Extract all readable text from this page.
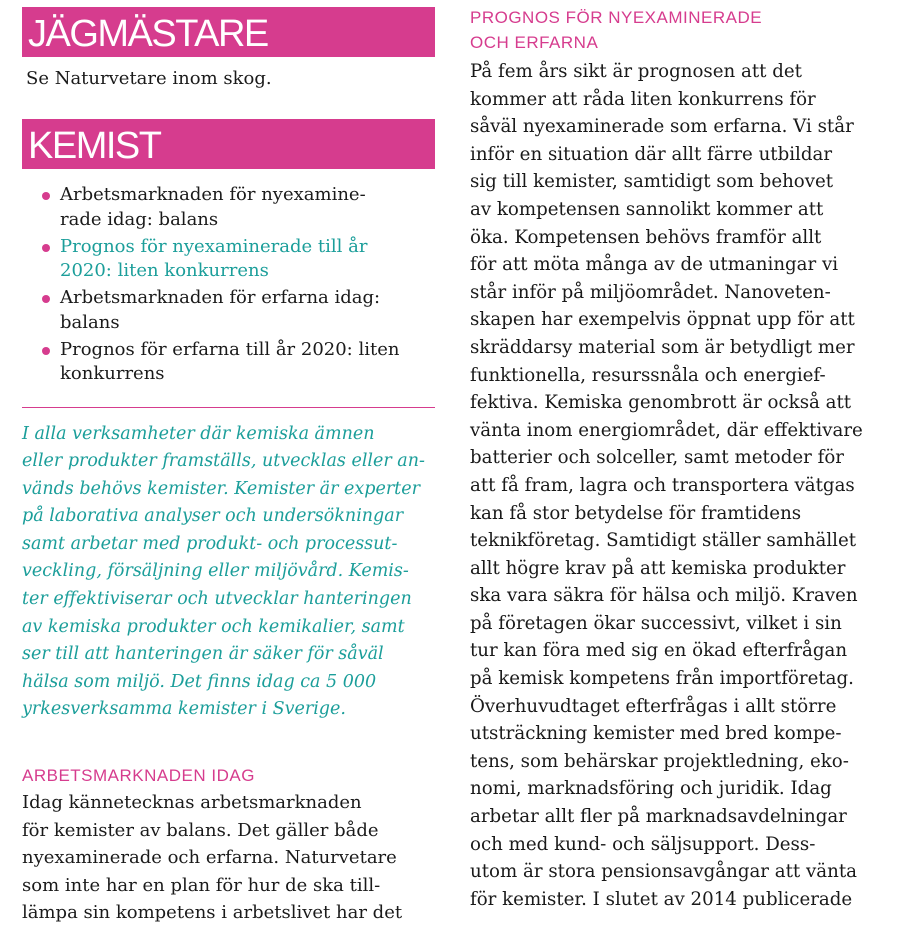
JÄGMÄSTARE
Se Naturvetare inom skog.
KEMIST
Arbetsmarknaden för nyexamine-
rade idag: balans
Prognos för nyexaminerade till år
2020: liten konkurrens
Arbetsmarknaden för erfarna idag:
balans
Prognos för erfarna till år 2020: liten
konkurrens
I alla verksamheter där kemiska ämnen
eller produkter framställs, utvecklas eller an-
vänds behövs kemister. Kemister är experter
på laborativa analyser och undersökningar
samt arbetar med produkt- och processut-
veckling, försäljning eller miljövård. Kemis-
ter effektiviserar och utvecklar hanteringen
av kemiska produkter och kemikalier, samt
ser till att hanteringen är säker för såväl
hälsa som miljö. Det finns idag ca 5 000
yrkesverksamma kemister i Sverige.
ARBETSMARKNADEN IDAG
Idag kännetecknas arbetsmarknaden
för kemister av balans. Det gäller både
nyexaminerade och erfarna. Naturvetare
som inte har en plan för hur de ska till-
lämpa sin kompetens i arbetslivet har det
PROGNOS FÖR NYEXAMINERADE
OCH ERFARNA
På fem års sikt är prognosen att det
kommer att råda liten konkurrens för
såväl nyexaminerade som erfarna. Vi står
inför en situation där allt färre utbildar
sig till kemister, samtidigt som behovet
av kompetensen sannolikt kommer att
öka. Kompetensen behövs framför allt
för att möta många av de utmaningar vi
står inför på miljöområdet. Nanoveten-
skapen har exempelvis öppnat upp för att
skräddarsy material som är betydligt mer
funktionella, resurssnåla och energief-
fektiva. Kemiska genombrott är också att
vänta inom energiområdet, där effektivare
batterier och solceller, samt metoder för
att få fram, lagra och transportera vätgas
kan få stor betydelse för framtidens
teknikföretag. Samtidigt ställer samhället
allt högre krav på att kemiska produkter
ska vara säkra för hälsa och miljö. Kraven
på företagen ökar successivt, vilket i sin
tur kan föra med sig en ökad efterfrågan
på kemisk kompetens från importföretag.
Överhuvudtaget efterfrågas i allt större
utsträckning kemister med bred kompe-
tens, som behärskar projektledning, eko-
nomi, marknadsföring och juridik. Idag
arbetar allt fler på marknadsavdelningar
och med kund- och säljsupport. Dess-
utom är stora pensionsavgångar att vänta
för kemister. I slutet av 2014 publicerade
